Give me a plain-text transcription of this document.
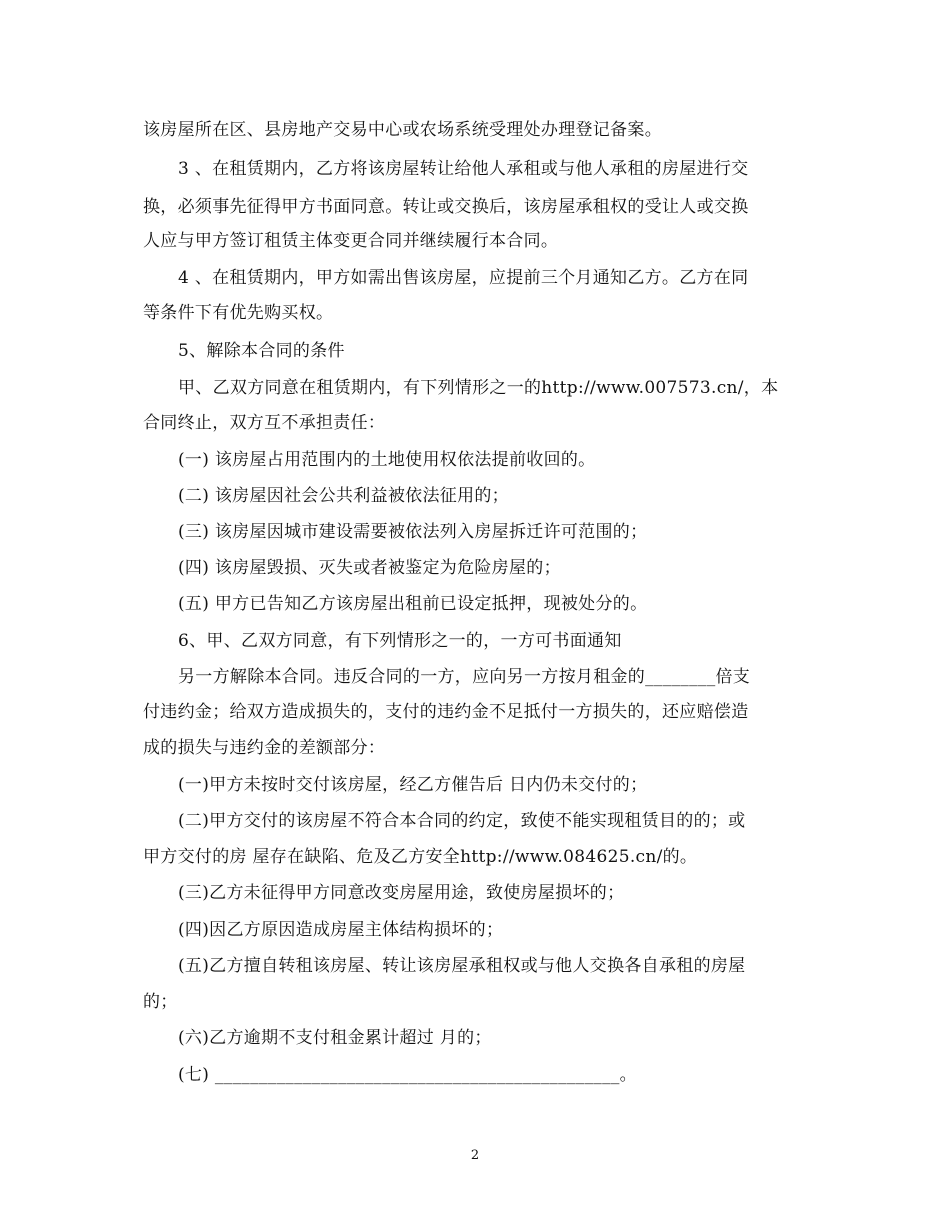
该房屋所在区、县房地产交易中心或农场系统受理处办理登记备案。
3 、在租赁期内，乙方将该房屋转让给他人承租或与他人承租的房屋进行交
换，必须事先征得甲方书面同意。转让或交换后，该房屋承租权的受让人或交换
人应与甲方签订租赁主体变更合同并继续履行本合同。
4 、在租赁期内，甲方如需出售该房屋，应提前三个月通知乙方。乙方在同
等条件下有优先购买权。
5、解除本合同的条件
甲、乙双方同意在租赁期内，有下列情形之一的http://www.007573.cn/，本
合同终止，双方互不承担责任：
(一) 该房屋占用范围内的土地使用权依法提前收回的。
(二) 该房屋因社会公共利益被依法征用的；
(三) 该房屋因城市建设需要被依法列入房屋拆迁许可范围的；
(四) 该房屋毁损、灭失或者被鉴定为危险房屋的；
(五) 甲方已告知乙方该房屋出租前已设定抵押，现被处分的。
6、甲、乙双方同意，有下列情形之一的，一方可书面通知
另一方解除本合同。违反合同的一方，应向另一方按月租金的________倍支
付违约金；给双方造成损失的，支付的违约金不足抵付一方损失的，还应赔偿造
成的损失与违约金的差额部分：
(一)甲方未按时交付该房屋，经乙方催告后 日内仍未交付的；
(二)甲方交付的该房屋不符合本合同的约定，致使不能实现租赁目的的；或
甲方交付的房 屋存在缺陷、危及乙方安全http://www.084625.cn/的。
(三)乙方未征得甲方同意改变房屋用途，致使房屋损坏的；
(四)因乙方原因造成房屋主体结构损坏的；
(五)乙方擅自转租该房屋、转让该房屋承租权或与他人交换各自承租的房屋
的；
(六)乙方逾期不支付租金累计超过 月的；
(七) ______________________________________________。
2
